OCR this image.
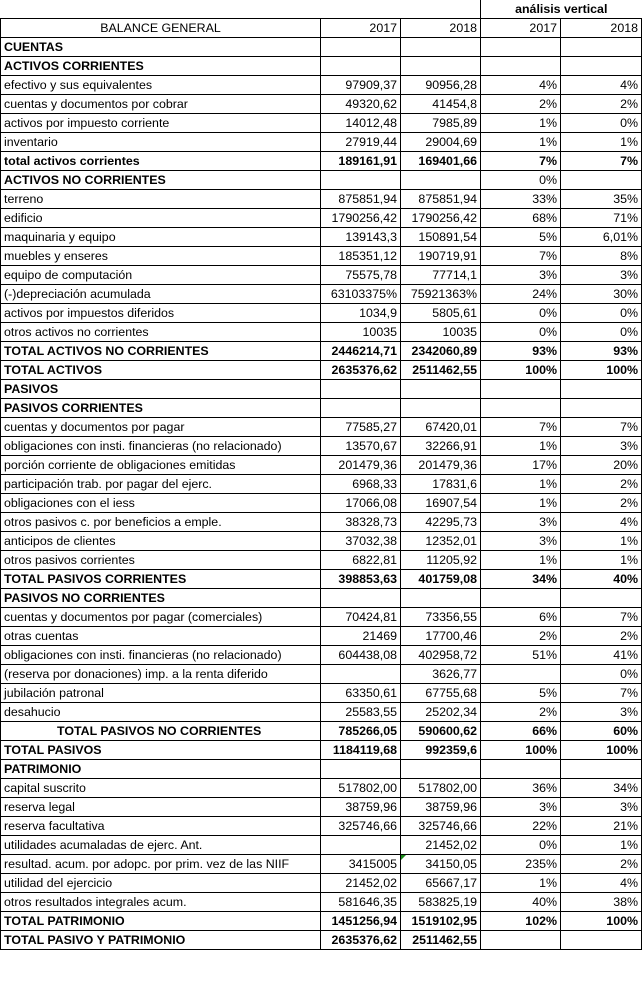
			análisis vertical	
BALANCE GENERAL	2017	2018	2017	2018
CUENTAS				
ACTIVOS CORRIENTES				
efectivo y sus equivalentes	97909,37	90956,28	4%	4%
cuentas y documentos por cobrar	49320,62	41454,8	2%	2%
activos por impuesto corriente	14012,48	7985,89	1%	0%
inventario	27919,44	29004,69	1%	1%
total activos corrientes	189161,91	169401,66	7%	7%
ACTIVOS NO CORRIENTES			0%	
terreno	875851,94	875851,94	33%	35%
edificio	1790256,42	1790256,42	68%	71%
maquinaria y equipo	139143,3	150891,54	5%	6,01%
muebles y enseres	185351,12	190719,91	7%	8%
equipo de computación	75575,78	77714,1	3%	3%
(-)depreciación acumulada	63103375%	75921363%	24%	30%
activos por impuestos diferidos	1034,9	5805,61	0%	0%
otros activos no corrientes	10035	10035	0%	0%
TOTAL ACTIVOS NO CORRIENTES	2446214,71	2342060,89	93%	93%
TOTAL ACTIVOS	2635376,62	2511462,55	100%	100%
PASIVOS				
PASIVOS CORRIENTES				
cuentas y documentos por pagar	77585,27	67420,01	7%	7%
obligaciones con insti. financieras (no relacionado)	13570,67	32266,91	1%	3%
porción corriente de obligaciones emitidas	201479,36	201479,36	17%	20%
participación trab. por pagar del ejerc.	6968,33	17831,6	1%	2%
obligaciones con el iess	17066,08	16907,54	1%	2%
otros pasivos c. por beneficios a emple.	38328,73	42295,73	3%	4%
anticipos de clientes	37032,38	12352,01	3%	1%
otros pasivos corrientes	6822,81	11205,92	1%	1%
TOTAL PASIVOS CORRIENTES	398853,63	401759,08	34%	40%
PASIVOS NO CORRIENTES				
cuentas y documentos por pagar (comerciales)	70424,81	73356,55	6%	7%
otras cuentas	21469	17700,46	2%	2%
obligaciones con insti. financieras (no relacionado)	604438,08	402958,72	51%	41%
(reserva por donaciones) imp. a la renta diferido		3626,77		0%
jubilación patronal	63350,61	67755,68	5%	7%
desahucio	25583,55	25202,34	2%	3%
TOTAL PASIVOS NO CORRIENTES	785266,05	590600,62	66%	60%
TOTAL PASIVOS	1184119,68	992359,6	100%	100%
PATRIMONIO				
capital suscrito	517802,00	517802,00	36%	34%
reserva legal	38759,96	38759,96	3%	3%
reserva facultativa	325746,66	325746,66	22%	21%
utilidades acumaladas de ejerc. Ant.		21452,02	0%	1%
resultad. acum. por adopc. por prim. vez de las NIIF	3415005	34150,05	235%	2%
utilidad del ejercicio	21452,02	65667,17	1%	4%
otros resultados integrales acum.	581646,35	583825,19	40%	38%
TOTAL PATRIMONIO	1451256,94	1519102,95	102%	100%
TOTAL PASIVO Y PATRIMONIO	2635376,62	2511462,55		
